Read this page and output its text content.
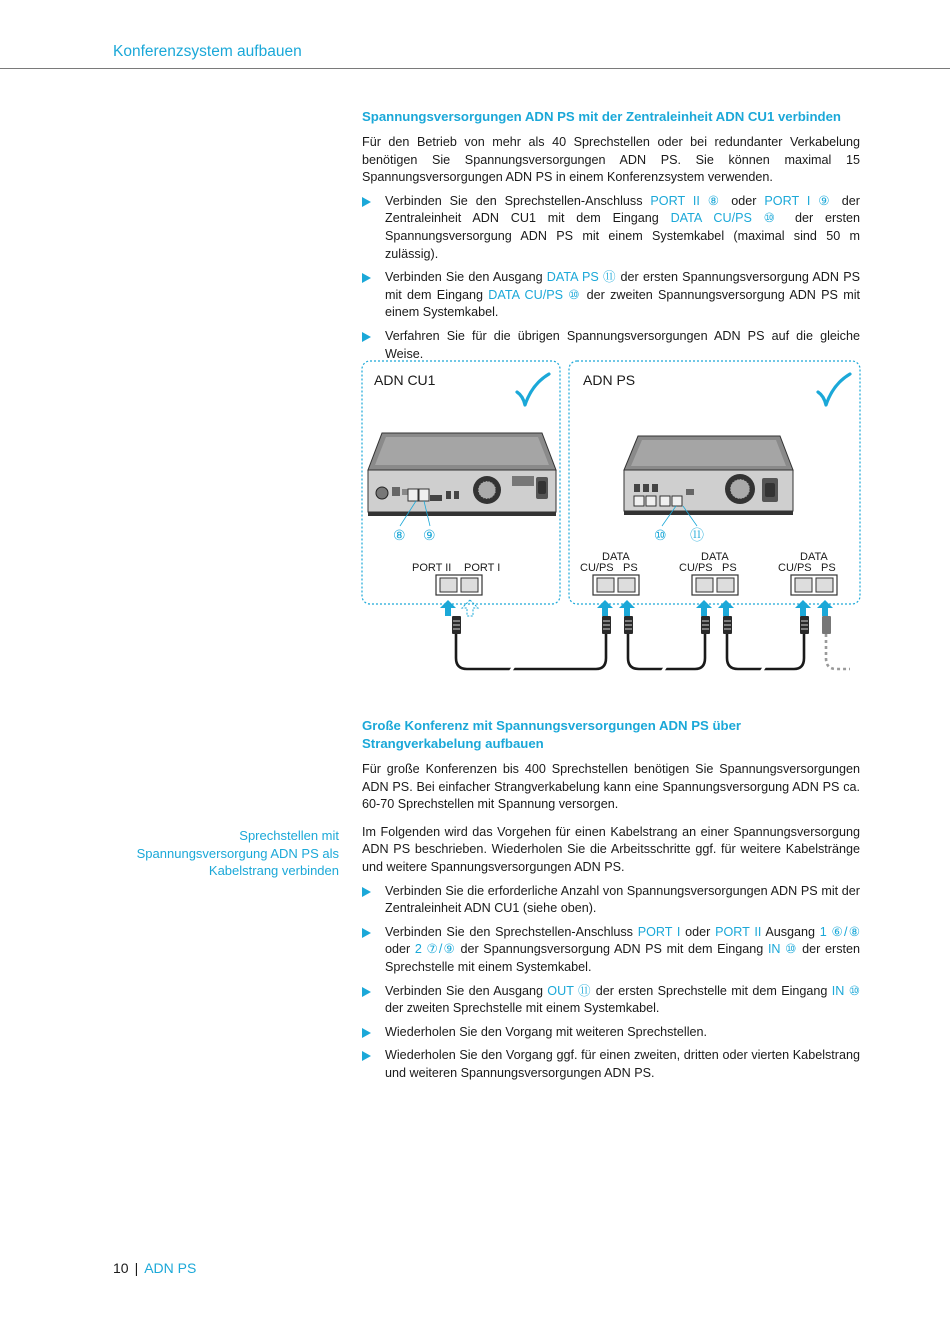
Konferenzsystem aufbauen
Spannungsversorgungen ADN PS mit der Zentraleinheit ADN CU1 verbinden

Für den Betrieb von mehr als 40 Sprechstellen oder bei redundanter Verkabelung benötigen Sie Spannungsversorgungen ADN PS. Sie können maximal 15 Spannungsversorgungen ADN PS in einem Konferenzsystem verwenden.

Verbinden Sie den Sprechstellen-Anschluss PORT II ⑧ oder PORT I ⑨ der Zentraleinheit ADN CU1 mit dem Eingang DATA CU/PS ⑩ der ersten Spannungsversorgung ADN PS mit einem Systemkabel (maximal sind 50 m zulässig).

Verbinden Sie den Ausgang DATA PS ⑪ der ersten Spannungsversorgung ADN PS mit dem Eingang DATA CU/PS ⑩ der zweiten Spannungsversorgung ADN PS mit einem Systemkabel.

Verfahren Sie für die übrigen Spannungsversorgungen ADN PS auf die gleiche Weise.

ADN CU1	ADN PS
⑧ ⑨	⑩ ⑪
PORT II PORT I
DATA
CU/PS PS
DATA
CU/PS PS
DATA
CU/PS PS
Große Konferenz mit Spannungsversorgungen ADN PS über Strangverkabelung aufbauen

Für große Konferenzen bis 400 Sprechstellen benötigen Sie Spannungsversorgungen ADN PS. Bei einfacher Strangverkabelung kann eine Spannungsversorgung ADN PS ca. 60-70 Sprechstellen mit Spannung versorgen.

Im Folgenden wird das Vorgehen für einen Kabelstrang an einer Spannungsversorgung ADN PS beschrieben. Wiederholen Sie die Arbeitsschritte ggf. für weitere Kabelstränge und weitere Spannungsversorgungen ADN PS.

Verbinden Sie die erforderliche Anzahl von Spannungsversorgungen ADN PS mit der Zentraleinheit ADN CU1 (siehe oben).

Verbinden Sie den Sprechstellen-Anschluss PORT I oder PORT II Ausgang 1 ⑥/⑧ oder 2 ⑦/⑨ der Spannungsversorgung ADN PS mit dem Eingang IN ⑩ der ersten Sprechstelle mit einem Systemkabel.

Verbinden Sie den Ausgang OUT ⑪ der ersten Sprechstelle mit dem Eingang IN ⑩ der zweiten Sprechstelle mit einem Systemkabel.

Wiederholen Sie den Vorgang mit weiteren Sprechstellen.

Wiederholen Sie den Vorgang ggf. für einen zweiten, dritten oder vierten Kabelstrang und weiteren Spannungsversorgungen ADN PS.

Sprechstellen mit Spannungsversorgung ADN PS als Kabelstrang verbinden

10 | ADN PS
